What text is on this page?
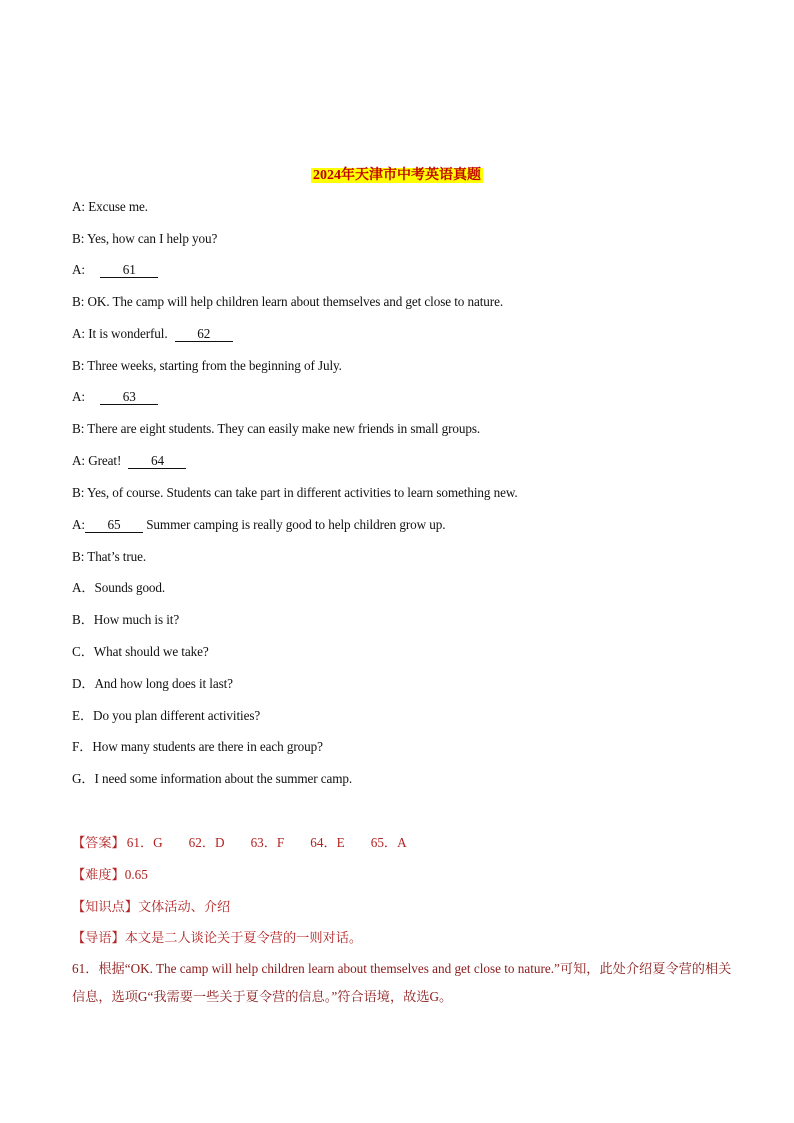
2024年天津市中考英语真题
A: Excuse me.
B: Yes, how can I help you?
A:	61
B: OK. The camp will help children learn about themselves and get close to nature.
A: It is wonderful. 62
B: Three weeks, starting from the beginning of July.
A:	63
B: There are eight students. They can easily make new friends in small groups.
A: Great! 64
B: Yes, of course. Students can take part in different activities to learn something new.
A: 65 Summer camping is really good to help children grow up.
B: That’s true.
A．Sounds good.
B．How much is it?
C．What should we take?
D．And how long does it last?
E．Do you plan different activities?
F．How many students are there in each group?
G．I need some information about the summer camp.
【答案】 61．G 62．D 63．F 64．E 65．A
【难度】0.65
【知识点】文体活动、介绍
【导语】本文是二人谈论关于夏令营的一则对话。
61．根据“OK. The camp will help children learn about themselves and get close to nature.”可知，此处介绍夏令营的相关信息，选项G“我需要一些关于夏令营的信息。”符合语境，故选G。
